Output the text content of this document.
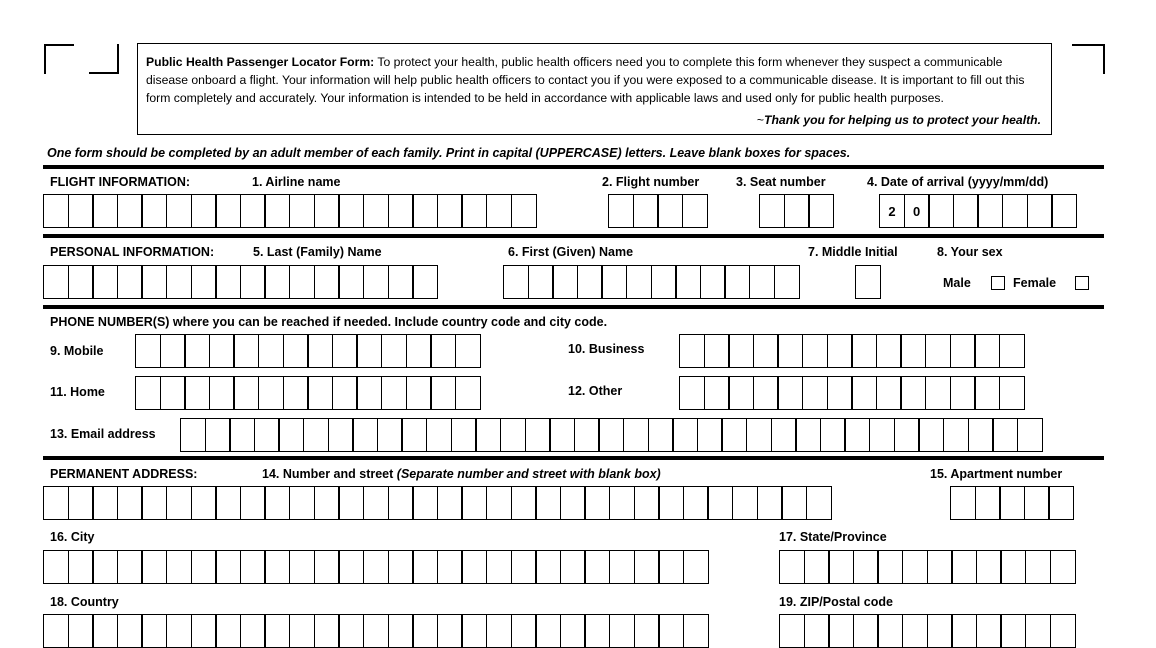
Public Health Passenger Locator Form: To protect your health, public health officers need you to complete this form whenever they suspect a communicable disease onboard a flight. Your information will help public health officers to contact you if you were exposed to a communicable disease. It is important to fill out this form completely and accurately. Your information is intended to be held in accordance with applicable laws and used only for public health purposes.
~Thank you for helping us to protect your health.
One form should be completed by an adult member of each family. Print in capital (UPPERCASE) letters. Leave blank boxes for spaces.
FLIGHT INFORMATION:	1. Airline name	2. Flight number	3. Seat number	4. Date of arrival (yyyy/mm/dd)
2	0
PERSONAL INFORMATION:	5. Last (Family) Name	6. First (Given) Name	7. Middle Initial	8. Your sex
Male	Female
PHONE NUMBER(S) where you can be reached if needed. Include country code and city code.
9. Mobile	10. Business
11. Home	12. Other
13. Email address
PERMANENT ADDRESS:	14. Number and street (Separate number and street with blank box)	15. Apartment number
16. City	17. State/Province
18. Country	19. ZIP/Postal code
